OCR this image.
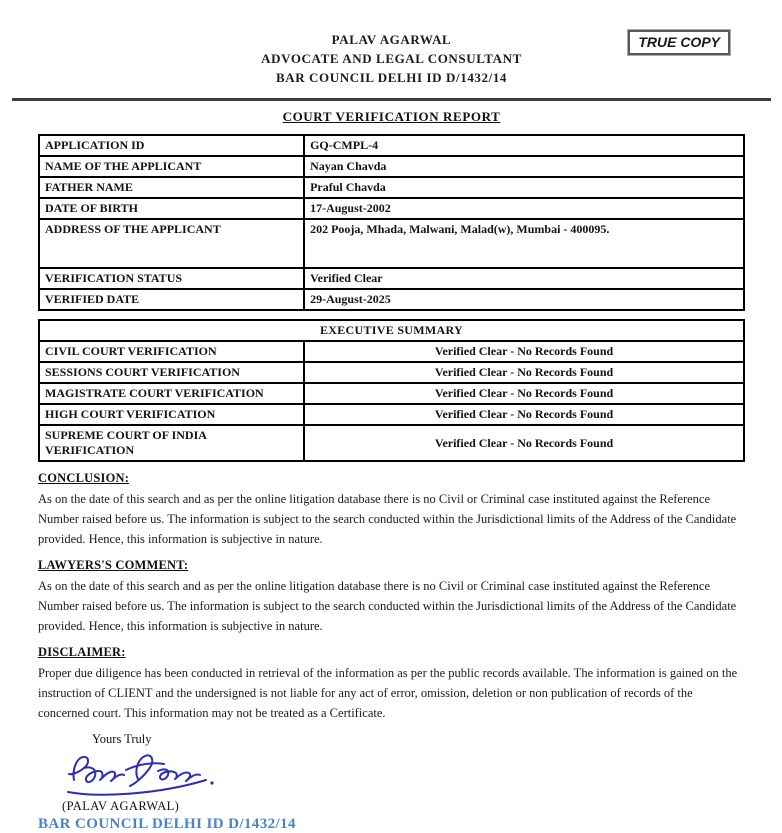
TRUE COPY
PALAV AGARWAL
ADVOCATE AND LEGAL CONSULTANT
BAR COUNCIL DELHI ID D/1432/14
COURT VERIFICATION REPORT
APPLICATION ID	GQ-CMPL-4
NAME OF THE APPLICANT	Nayan Chavda
FATHER NAME	Praful Chavda
DATE OF BIRTH	17-August-2002
ADDRESS OF THE APPLICANT	202 Pooja, Mhada, Malwani, Malad(w), Mumbai - 400095.
VERIFICATION STATUS	Verified Clear
VERIFIED DATE	29-August-2025
EXECUTIVE SUMMARY	
CIVIL COURT VERIFICATION	Verified Clear - No Records Found
SESSIONS COURT VERIFICATION	Verified Clear - No Records Found
MAGISTRATE COURT VERIFICATION	Verified Clear - No Records Found
HIGH COURT VERIFICATION	Verified Clear - No Records Found
SUPREME COURT OF INDIA VERIFICATION	Verified Clear - No Records Found
CONCLUSION:

As on the date of this search and as per the online litigation database there is no Civil or Criminal case instituted against the Reference Number raised before us. The information is subject to the search conducted within the Jurisdictional limits of the Address of the Candidate provided. Hence, this information is subjective in nature.

LAWYERS'S COMMENT:

As on the date of this search and as per the online litigation database there is no Civil or Criminal case instituted against the Reference Number raised before us. The information is subject to the search conducted within the Jurisdictional limits of the Address of the Candidate provided. Hence, this information is subjective in nature.

DISCLAIMER:

Proper due diligence has been conducted in retrieval of the information as per the public records available. The information is gained on the instruction of CLIENT and the undersigned is not liable for any act of error, omission, deletion or non publication of records of the concerned court. This information may not be treated as a Certificate.

Yours Truly
(PALAV AGARWAL)
BAR COUNCIL DELHI ID D/1432/14
